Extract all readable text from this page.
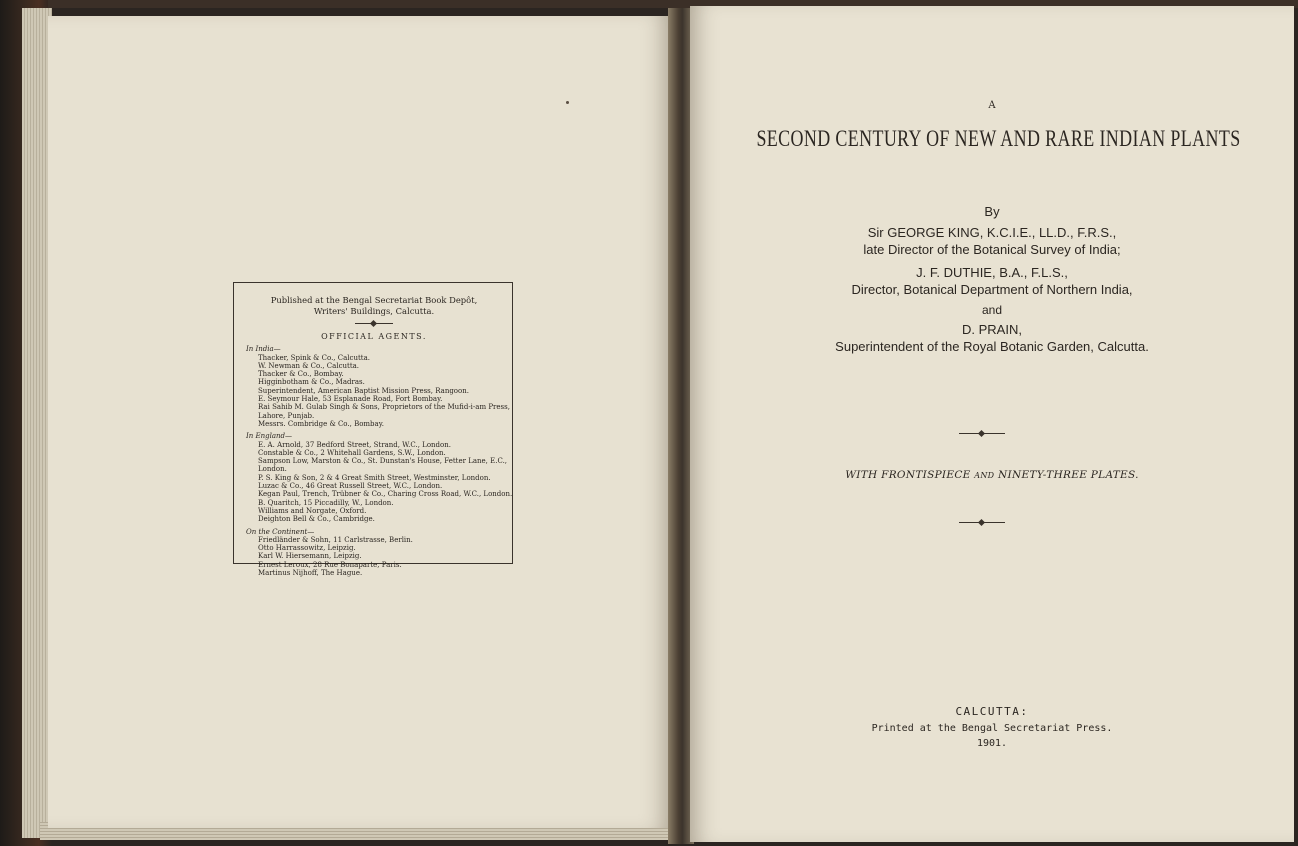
Published at the Bengal Secretariat Book Depôt,
Writers' Buildings, Calcutta.
OFFICIAL AGENTS.
In India—
Thacker, Spink & Co., Calcutta.
W. Newman & Co., Calcutta.
Thacker & Co., Bombay.
Higginbotham & Co., Madras.
Superintendent, American Baptist Mission Press, Rangoon.
E. Seymour Hale, 53 Esplanade Road, Fort Bombay.
Rai Sahib M. Gulab Singh & Sons, Proprietors of the Mufid-i-am Press,
Lahore, Punjab.
Messrs. Combridge & Co., Bombay.
In England—
E. A. Arnold, 37 Bedford Street, Strand, W.C., London.
Constable & Co., 2 Whitehall Gardens, S.W., London.
Sampson Low, Marston & Co., St. Dunstan's House, Fetter Lane, E.C.,
London.
P. S. King & Son, 2 & 4 Great Smith Street, Westminster, London.
Luzac & Co., 46 Great Russell Street, W.C., London.
Kegan Paul, Trench, Trübner & Co., Charing Cross Road, W.C., London.
B. Quaritch, 15 Piccadilly, W., London.
Williams and Norgate, Oxford.
Deighton Bell & Co., Cambridge.
On the Continent—
Friedländer & Sohn, 11 Carlstrasse, Berlin.
Otto Harrassowitz, Leipzig.
Karl W. Hiersemann, Leipzig.
Ernest Leroux, 28 Rue Bonaparte, Paris.
Martinus Nijhoff, The Hague.
A
SECOND CENTURY OF NEW AND RARE INDIAN PLANTS
By
Sir GEORGE KING, K.C.I.E., LL.D., F.R.S.,
late Director of the Botanical Survey of India;
J. F. DUTHIE, B.A., F.L.S.,
Director, Botanical Department of Northern India,
and
D. PRAIN,
Superintendent of the Royal Botanic Garden, Calcutta.
WITH FRONTISPIECE AND NINETY-THREE PLATES.
CALCUTTA:
Printed at the Bengal Secretariat Press.
1901.
